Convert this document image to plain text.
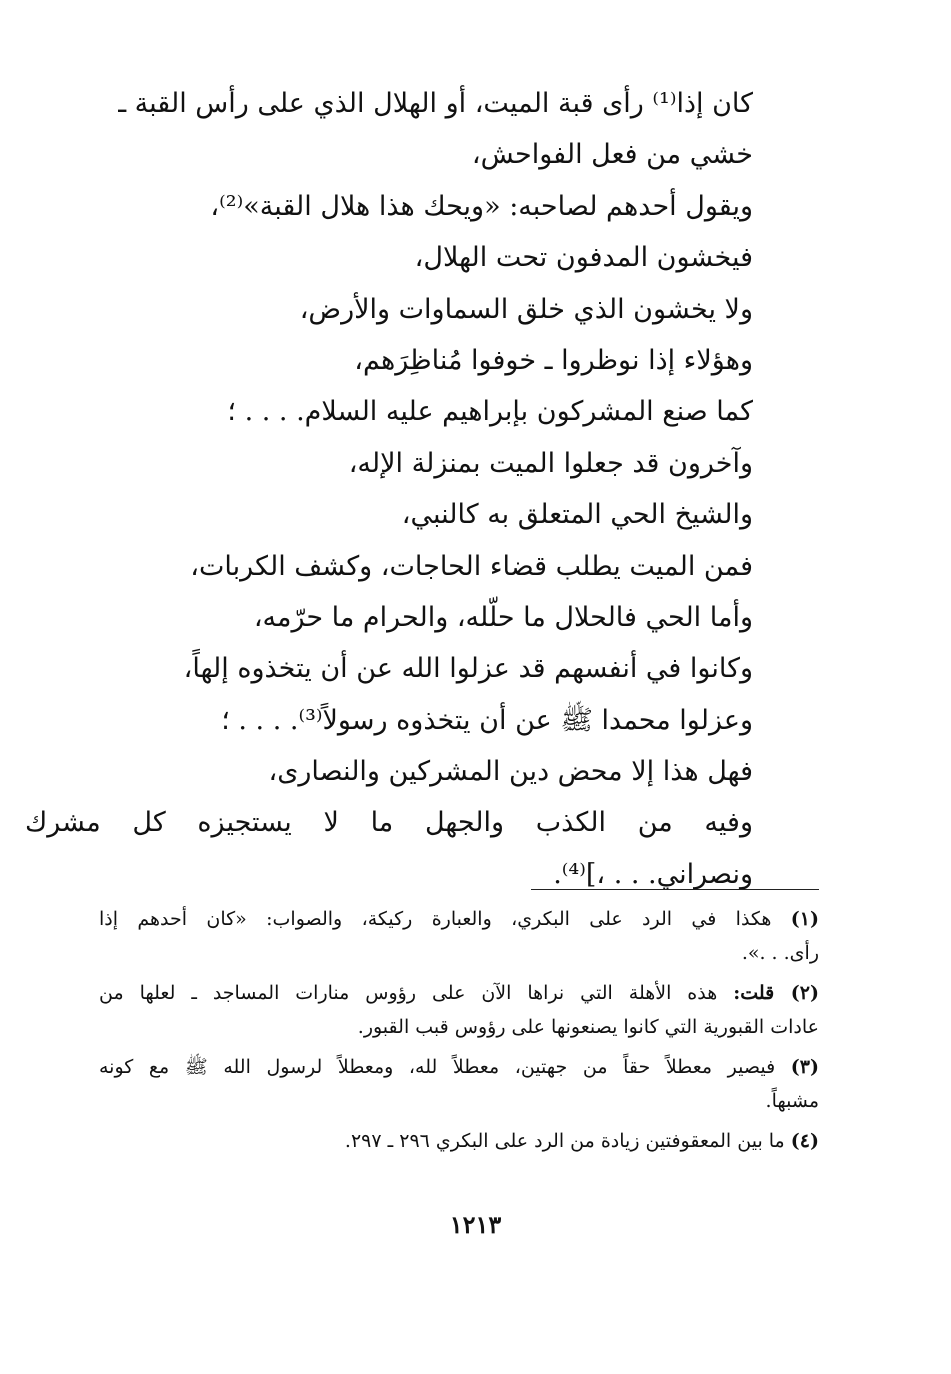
كان إذا⁽¹⁾ رأى قبة الميت، أو الهلال الذي على رأس القبة ـ
خشي من فعل الفواحش،
ويقول أحدهم لصاحبه: «ويحك هذا هلال القبة»⁽²⁾،
فيخشون المدفون تحت الهلال،
ولا يخشون الذي خلق السماوات والأرض،
وهؤلاء إذا نوظروا ـ خوفوا مُناظِرَهم،
كما صنع المشركون بإبراهيم عليه السلام. . . . ؛
وآخرون قد جعلوا الميت بمنزلة الإله،
والشيخ الحي المتعلق به كالنبي،
فمن الميت يطلب قضاء الحاجات، وكشف الكربات،
وأما الحي فالحلال ما حلّله، والحرام ما حرّمه،
وكانوا في أنفسهم قد عزلوا الله عن أن يتخذوه إلهاً،
وعزلوا محمدا ﷺ عن أن يتخذوه رسولاً⁽³⁾. . . . ؛
فهل هذا إلا محض دين المشركين والنصارى،
وفيه من الكذب والجهل ما لا يستجيزه كل مشرك
ونصراني. . . ،]⁽⁴⁾.
(١) هكذا في الرد على البكري، والعبارة ركيكة، والصواب: «كان أحدهم إذا
رأى. . .».
(٢) قلت: هذه الأهلة التي نراها الآن على رؤوس منارات المساجد ـ لعلها من
عادات القبورية التي كانوا يصنعونها على رؤوس قبب القبور.
(٣) فيصير معطلاً حقاً من جهتين، معطلاً لله، ومعطلاً لرسول الله ﷺ مع كونه
مشبهاً.
(٤) ما بين المعقوفتين زيادة من الرد على البكري ٢٩٦ ـ ٢٩٧.
١٢١٣
